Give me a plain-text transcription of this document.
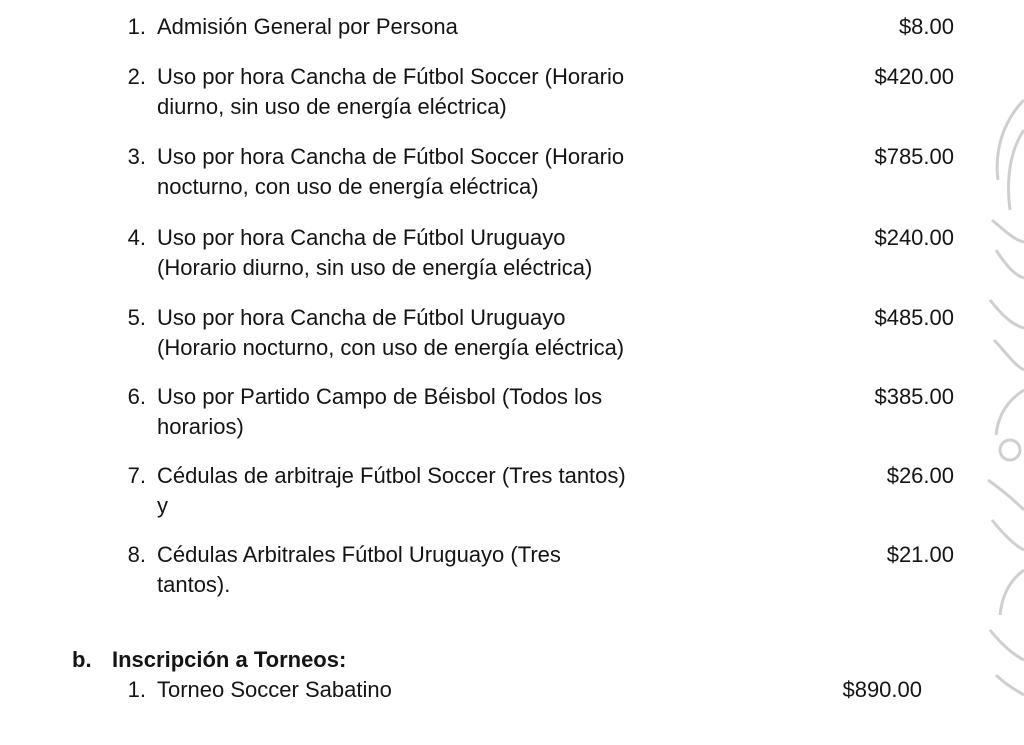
1. Admisión General por Persona	$8.00
2. Uso por hora Cancha de Fútbol Soccer (Horario
diurno, sin uso de energía eléctrica)
$420.00
3. Uso por hora Cancha de Fútbol Soccer (Horario
nocturno, con uso de energía eléctrica)
$785.00
4. Uso por hora Cancha de Fútbol Uruguayo
(Horario diurno, sin uso de energía eléctrica)
$240.00
5. Uso por hora Cancha de Fútbol Uruguayo
(Horario nocturno, con uso de energía eléctrica)
$485.00
6. Uso por Partido Campo de Béisbol (Todos los
horarios)
$385.00
7. Cédulas de arbitraje Fútbol Soccer (Tres tantos)
y
$26.00
8. Cédulas Arbitrales Fútbol Uruguayo (Tres
tantos).
$21.00
b. Inscripción a Torneos:
1. Torneo Soccer Sabatino	$890.00
